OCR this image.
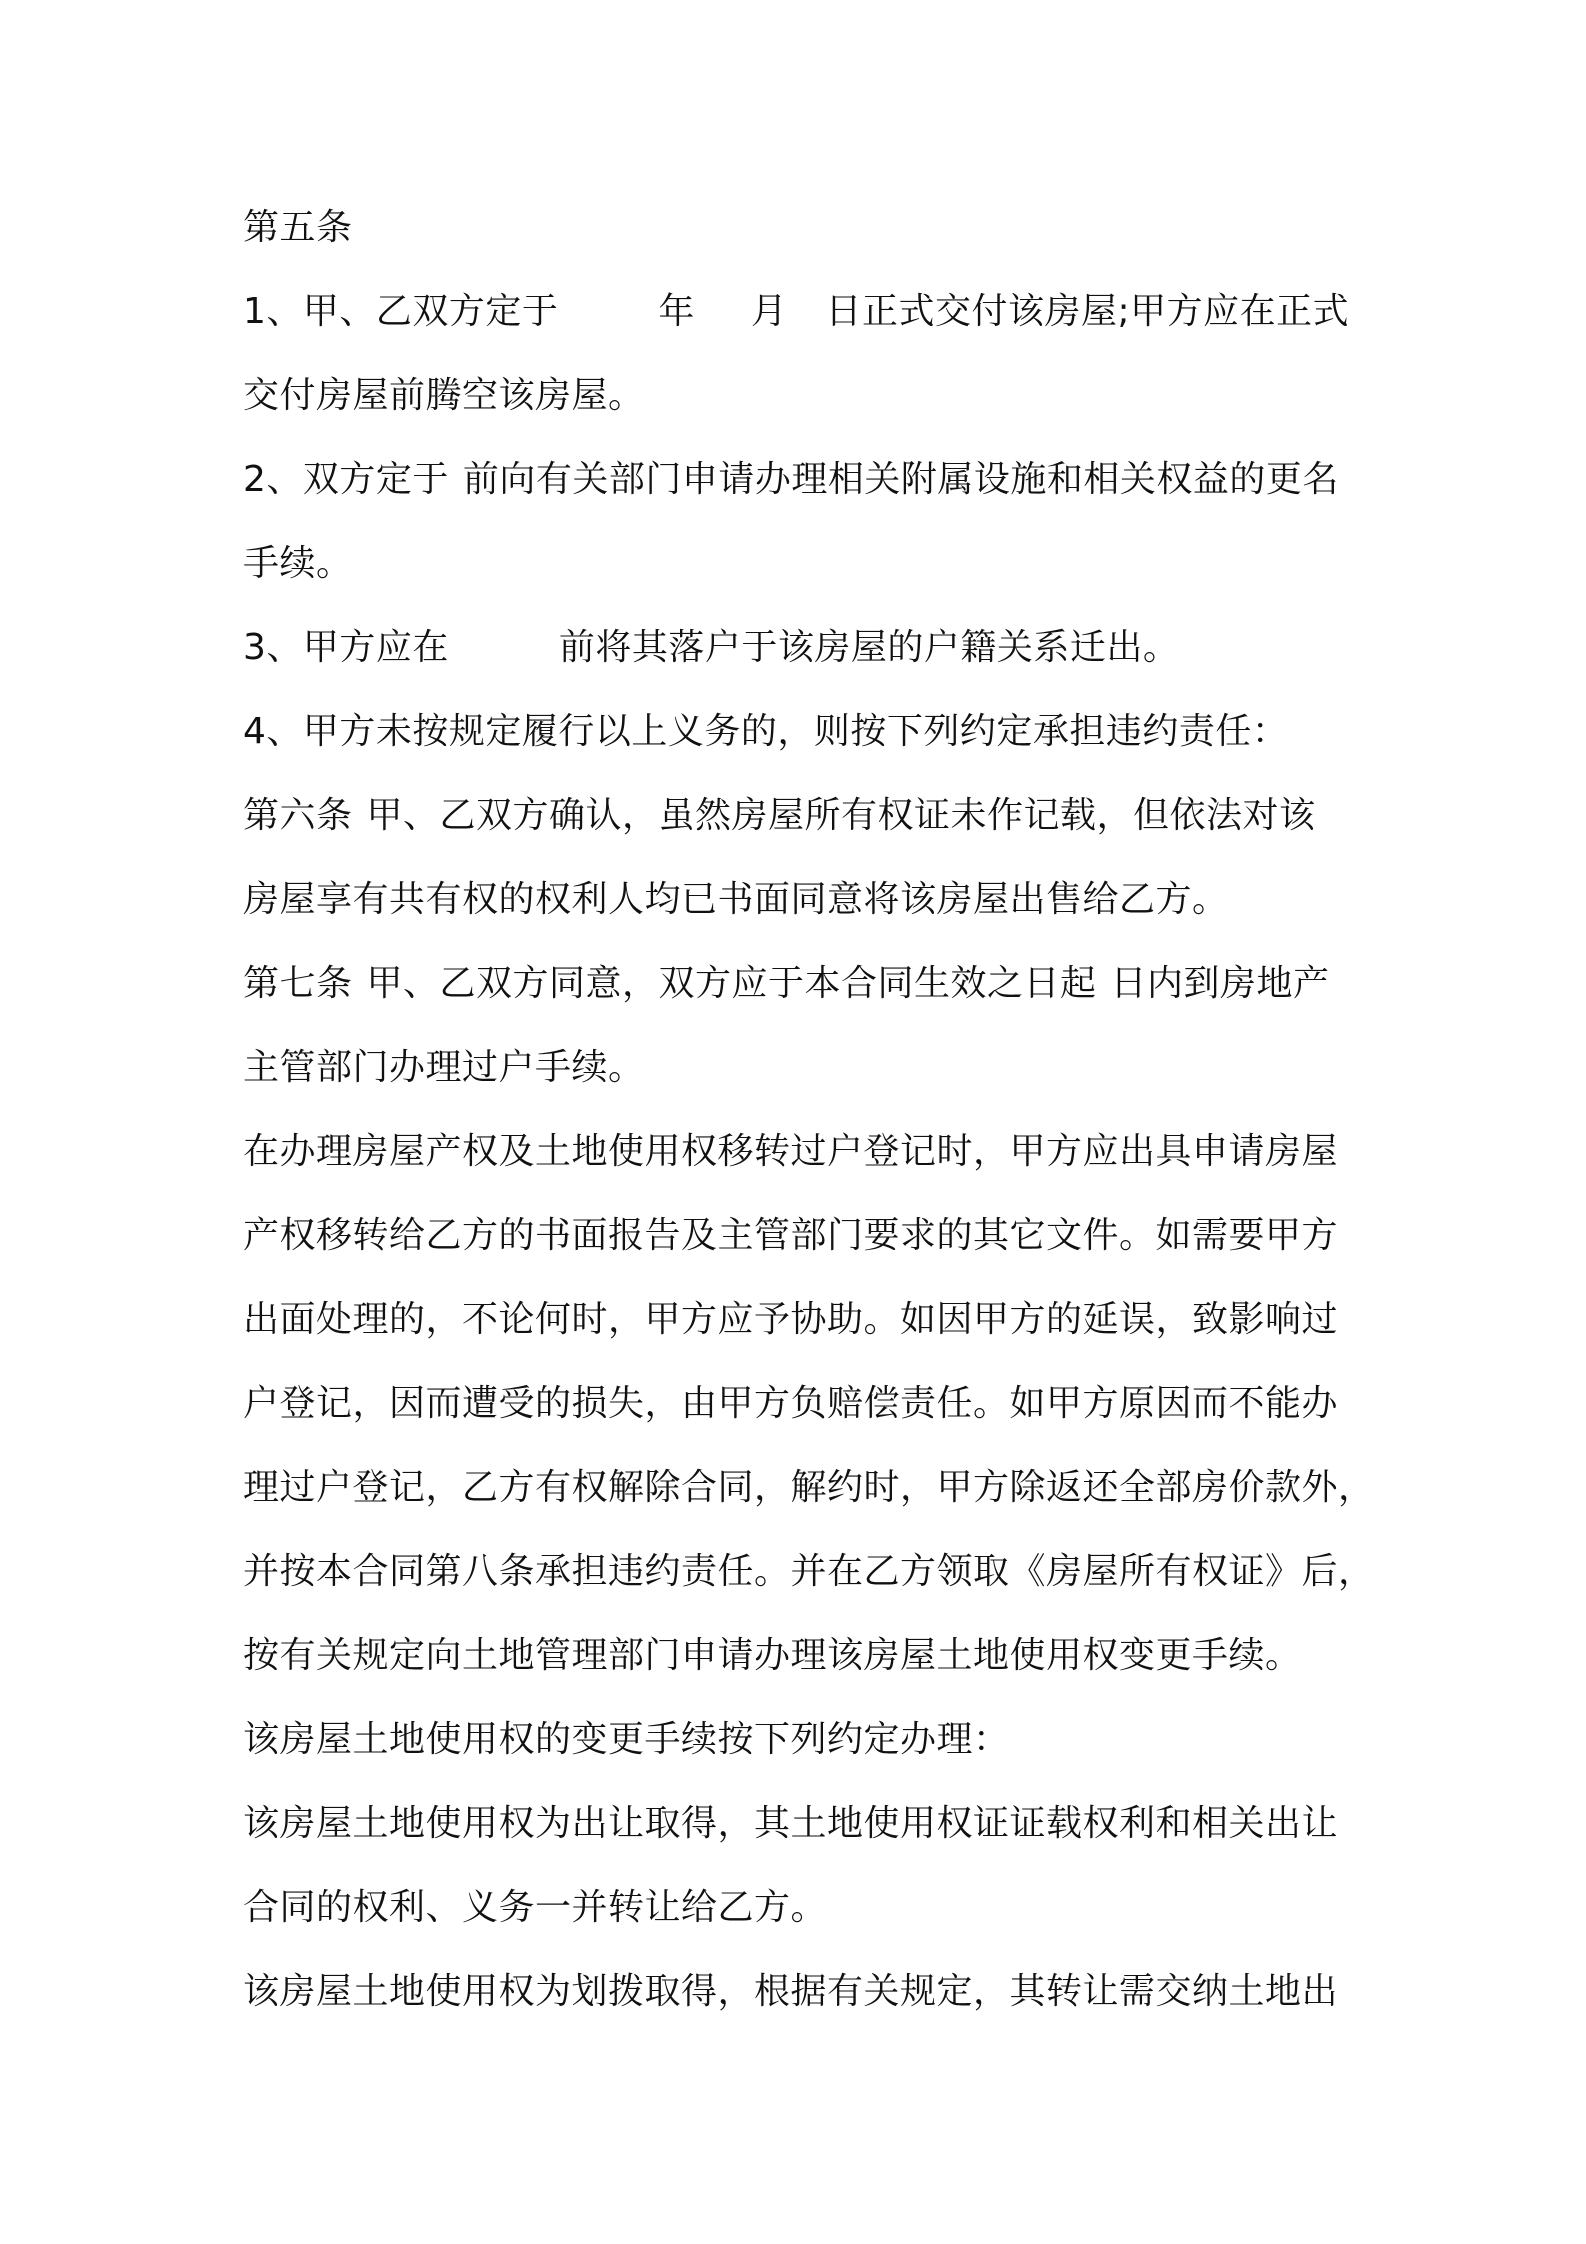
第五条
1、甲、乙双方定于	年 月 日正式交付该房屋;甲方应在正式
交付房屋前腾空该房屋。
2、双方定于 前向有关部门申请办理相关附属设施和相关权益的更名
手续。
3、甲方应在	前将其落户于该房屋的户籍关系迁出。
4、甲方未按规定履行以上义务的，则按下列约定承担违约责任：
第六条 甲、乙双方确认，虽然房屋所有权证未作记载，但依法对该
房屋享有共有权的权利人均已书面同意将该房屋出售给乙方。
第七条 甲、乙双方同意，双方应于本合同生效之日起 日内到房地产
主管部门办理过户手续。
在办理房屋产权及土地使用权移转过户登记时，甲方应出具申请房屋
产权移转给乙方的书面报告及主管部门要求的其它文件。如需要甲方
出面处理的，不论何时，甲方应予协助。如因甲方的延误，致影响过
户登记，因而遭受的损失，由甲方负赔偿责任。如甲方原因而不能办
理过户登记，乙方有权解除合同，解约时，甲方除返还全部房价款外，
并按本合同第八条承担违约责任。并在乙方领取《房屋所有权证》后，
按有关规定向土地管理部门申请办理该房屋土地使用权变更手续。
该房屋土地使用权的变更手续按下列约定办理：
该房屋土地使用权为出让取得，其土地使用权证证载权利和相关出让
合同的权利、义务一并转让给乙方。
该房屋土地使用权为划拨取得，根据有关规定，其转让需交纳土地出
